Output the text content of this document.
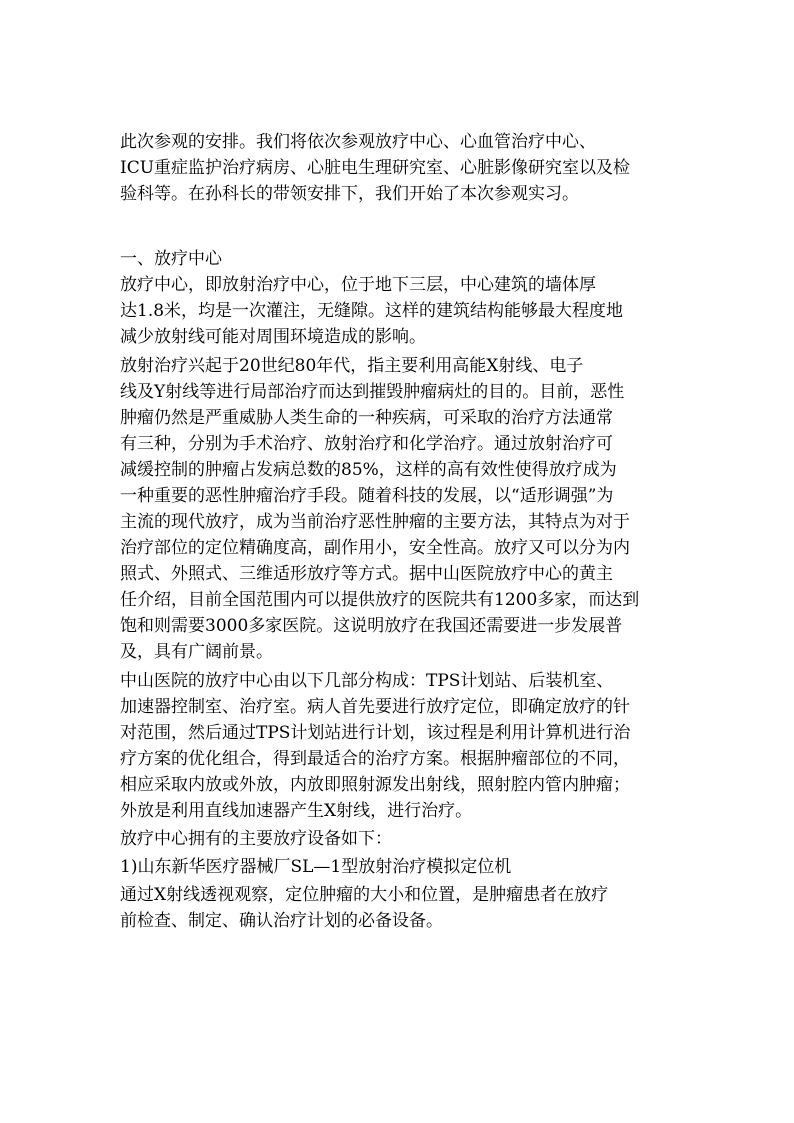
此次参观的安排。我们将依次参观放疗中心、心血管治疗中心、
ICU重症监护治疗病房、心脏电生理研究室、心脏影像研究室以及检
验科等。在孙科长的带领安排下，我们开始了本次参观实习。
一、放疗中心
放疗中心，即放射治疗中心，位于地下三层，中心建筑的墙体厚
达1.8米，均是一次灌注，无缝隙。这样的建筑结构能够最大程度地
减少放射线可能对周围环境造成的影响。
放射治疗兴起于20世纪80年代，指主要利用高能X射线、电子
线及Y射线等进行局部治疗而达到摧毁肿瘤病灶的目的。目前，恶性
肿瘤仍然是严重威胁人类生命的一种疾病，可采取的治疗方法通常
有三种，分别为手术治疗、放射治疗和化学治疗。通过放射治疗可
减缓控制的肿瘤占发病总数的85%，这样的高有效性使得放疗成为
一种重要的恶性肿瘤治疗手段。随着科技的发展，以“适形调强”为
主流的现代放疗，成为当前治疗恶性肿瘤的主要方法，其特点为对于
治疗部位的定位精确度高，副作用小，安全性高。放疗又可以分为内
照式、外照式、三维适形放疗等方式。据中山医院放疗中心的黄主
任介绍，目前全国范围内可以提供放疗的医院共有1200多家，而达到
饱和则需要3000多家医院。这说明放疗在我国还需要进一步发展普
及，具有广阔前景。
中山医院的放疗中心由以下几部分构成：TPS计划站、后装机室、
加速器控制室、治疗室。病人首先要进行放疗定位，即确定放疗的针
对范围，然后通过TPS计划站进行计划，该过程是利用计算机进行治
疗方案的优化组合，得到最适合的治疗方案。根据肿瘤部位的不同，
相应采取内放或外放，内放即照射源发出射线，照射腔内管内肿瘤；
外放是利用直线加速器产生X射线，进行治疗。
放疗中心拥有的主要放疗设备如下：
1)山东新华医疗器械厂SL—1型放射治疗模拟定位机
通过X射线透视观察，定位肿瘤的大小和位置，是肿瘤患者在放疗
前检查、制定、确认治疗计划的必备设备。
